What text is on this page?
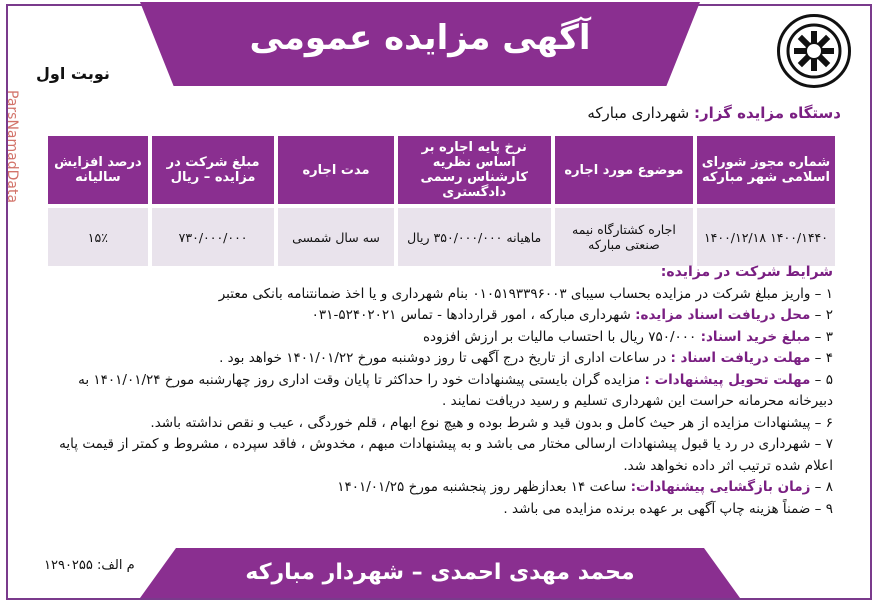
آگهی مزایده عمومی
نوبت اول
ParsNamadData	دستگاه مزایده گزار: شهرداری مبارکه
شماره مجوز شورای اسلامی شهر مبارکه	موضوع مورد اجاره	نرخ پایه اجاره بر اساس نظریه کارشناس رسمی دادگستری	مدت اجاره	مبلغ شرکت در مزایده – ریال	درصد افزایش سالیانه
۱۴۰۰/۱۴۴۰ ۱۴۰۰/۱۲/۱۸	اجاره کشتارگاه نیمه صنعتی مبارکه	ماهیانه ۳۵۰/۰۰۰/۰۰۰ ریال	سه سال شمسی	۷۳۰/۰۰۰/۰۰۰	۱۵٪
شرایط شرکت در مزایده:
۱ – واریز مبلغ شرکت در مزایده بحساب سیبای ۰۱۰۵۱۹۳۳۹۶۰۰۳ بنام شهرداری و یا اخذ ضمانتنامه بانکی معتبر
۲ – محل دریافت اسناد مزایده: شهرداری مبارکه ، امور قراردادها - تماس ۵۲۴۰۲۰۲۱-۰۳۱
۳ – مبلغ خرید اسناد: ۷۵۰/۰۰۰ ریال با احتساب مالیات بر ارزش افزوده
۴ – مهلت دریافت اسناد : در ساعات اداری از تاریخ درج آگهی تا روز دوشنبه مورخ ۱۴۰۱/۰۱/۲۲ خواهد بود .
۵ – مهلت تحویل پیشنهادات : مزایده گران بایستی پیشنهادات خود را حداکثر تا پایان وقت اداری روز چهارشنبه مورخ ۱۴۰۱/۰۱/۲۴ به دبیرخانه محرمانه حراست این شهرداری تسلیم و رسید دریافت نمایند .
۶ – پیشنهادات مزایده از هر حیث کامل و بدون قید و شرط بوده و هیچ نوع ابهام ، قلم خوردگی ، عیب و نقص نداشته باشد.
۷ – شهرداری در رد یا قبول پیشنهادات ارسالی مختار می باشد و به پیشنهادات مبهم ، مخدوش ، فاقد سپرده ، مشروط و کمتر از قیمت پایه اعلام شده ترتیب اثر داده نخواهد شد.
۸ – زمان بازگشایی پیشنهادات: ساعت ۱۴ بعدازظهر روز پنجشنبه مورخ ۱۴۰۱/۰۱/۲۵
۹ – ضمناً هزینه چاپ آگهی بر عهده برنده مزایده می باشد .
م الف: ۱۲۹۰۲۵۵	محمد مهدی احمدی – شهردار مبارکه
